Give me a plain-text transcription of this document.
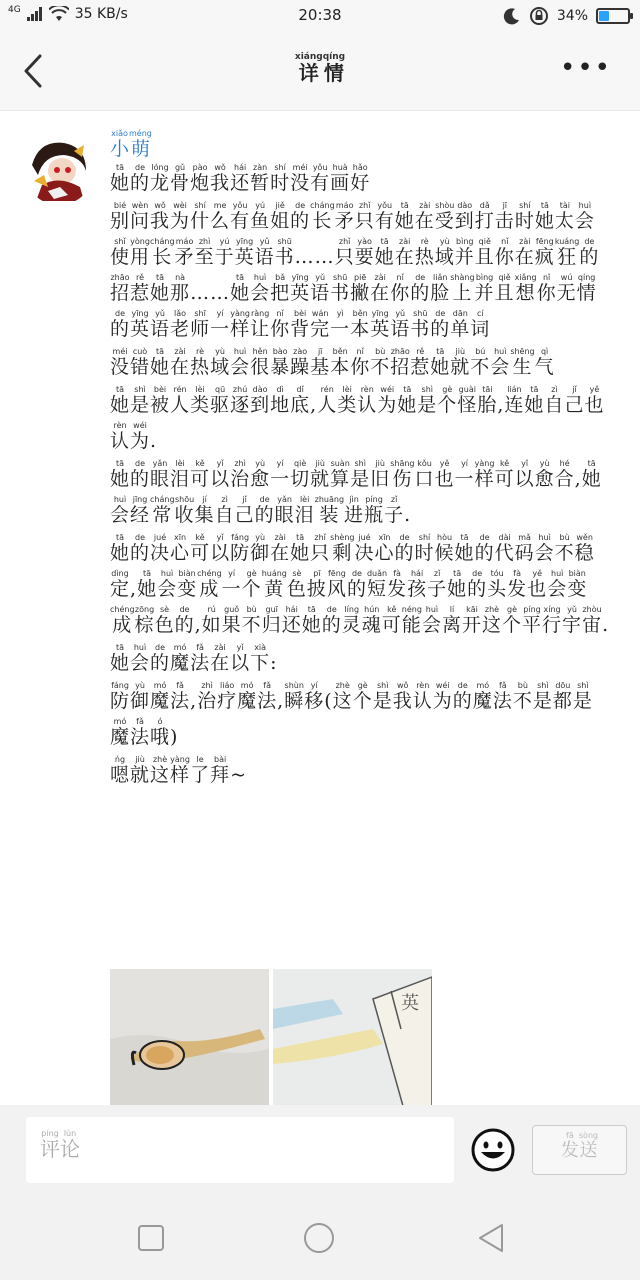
4G	35 KB/s	20:38	34%
详xiáng情qíng	•••
小xiǎo萌méng
她tā的de龙lóng骨gǔ炮pào我wǒ还hái暂zàn时shí没méi有yǒu画huà好hǎo
别bié问wèn我wǒ为wèi什shí么me有yǒu鱼yú姐jiě的de长cháng矛máo只zhǐ有yǒu她tā在zài受shòu到dào打dǎ击jī时shí她tā太tài会huì使shǐ用yòng长cháng矛máo至zhì于yú英yīng语yǔ书shū……只zhǐ要yào她tā在zài热rè域yù并bìng且qiě你nǐ在zài疯fēng狂kuáng的de招zhāo惹rě她tā那nà……她tā会huì把bǎ英yīng语yǔ书shū撇piē在zài你nǐ的de脸liǎn上shàng并bìng且qiě想xiǎng你nǐ无wú情qíng的de英yīng语yǔ老lǎo师shī一yí样yàng让ràng你nǐ背bèi完wán一yì本běn英yīng语yǔ书shū的de单dān词cí
没méi错cuò她tā在zài热rè域yù会huì很hěn暴bào躁zào基jī本běn你nǐ不bù招zhāo惹rě她tā就jiù不bú会huì生shēng气qì
她tā是shì被bèi人rén类lèi驱qū逐zhú到dào地dì底dǐ,人rén类lèi认rèn为wéi她tā是shì个gè怪guài胎tāi,连lián她tā自zì己jǐ也yě认rèn为wéi.
她tā的de眼yǎn泪lèi可kě以yǐ治zhì愈yù一yí切qiè就jiù算suàn是shì旧jiù伤shāng口kǒu也yě一yí样yàng可kě以yǐ愈yù合hé,她tā会huì经jīng常cháng收shōu集jí自zì己jǐ的de眼yǎn泪lèi装zhuāng进jìn瓶píng子zǐ.
她tā的de决jué心xīn可kě以yǐ防fáng御yù在zài她tā只zhǐ剩shèng决jué心xīn的de时shí候hòu她tā的de代dài码mǎ会huì不bù稳wěn定dìng,她tā会huì变biàn成chéng一yí个gè黄huáng色sè披pī风fēng的de短duǎn发fà孩hái子zǐ她tā的de头tóu发fà也yě会huì变biàn成chéng棕zōng色sè的de,如rú果guǒ不bù归guī还hái她tā的de灵líng魂hún可kě能néng会huì离lí开kāi这zhè个gè平píng行xíng宇yǔ宙zhòu.
她tā会huì的de魔mó法fǎ在zài以yǐ下xià:
防fáng御yù魔mó法fǎ,治zhì疗liáo魔mó法fǎ,瞬shùn移yí(这zhè个gè是shì我wǒ认rèn为wéi的de魔mó法fǎ不bù是shì都dōu是shì魔mó法fǎ哦ó)
嗯ǹg就jiù这zhè样yàng了le拜bài~
英
评píng论lùn
发fā送sòng
